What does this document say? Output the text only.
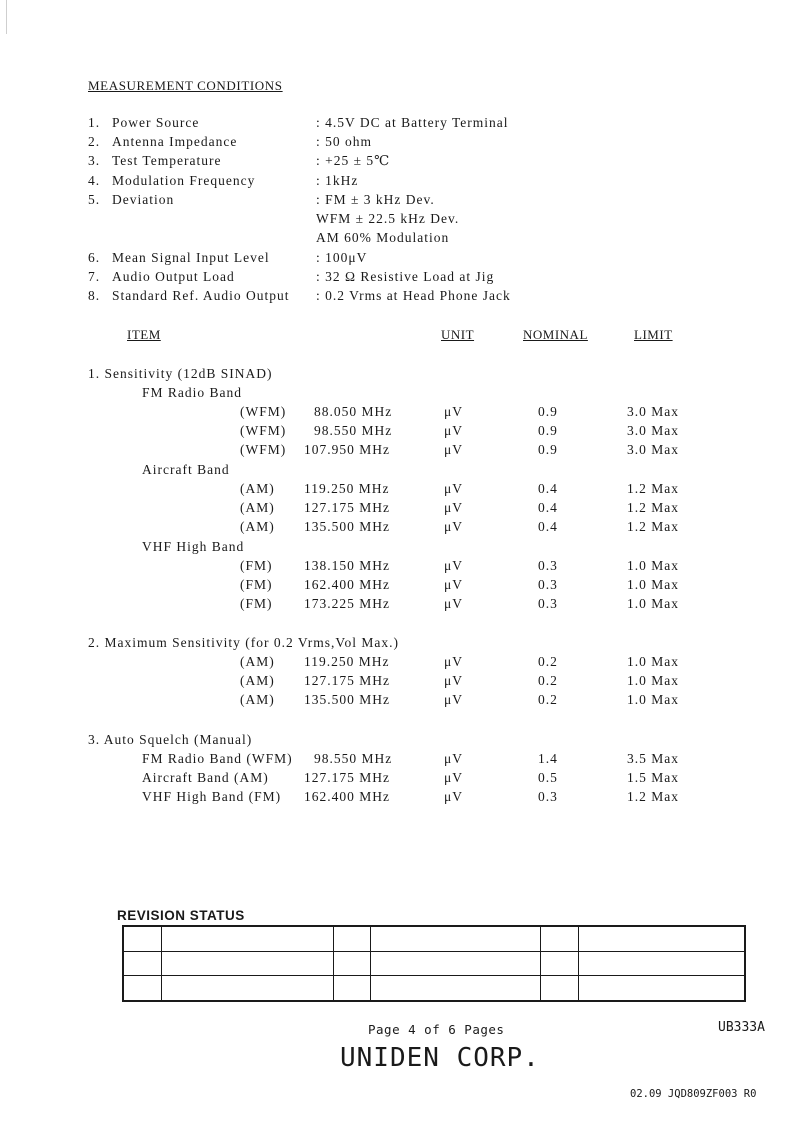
MEASUREMENT CONDITIONS
1. Power Source	: 4.5V DC at Battery Terminal
2. Antenna Impedance	: 50 ohm
3. Test Temperature	: +25 ± 5℃
4. Modulation Frequency	: 1kHz
5. Deviation	: FM ± 3 kHz Dev.
WFM ± 22.5 kHz Dev.
AM 60% Modulation
6. Mean Signal Input Level	: 100μV
7. Audio Output Load	: 32 Ω Resistive Load at Jig
8. Standard Ref. Audio Output : 0.2 Vrms at Head Phone Jack
ITEM	UNIT	NOMINAL	LIMIT
1. Sensitivity (12dB SINAD)
FM Radio Band
(WFM) 88.050 MHz	μV	0.9	3.0 Max
(WFM) 98.550 MHz	μV	0.9	3.0 Max
(WFM) 107.950 MHz	μV	0.9	3.0 Max
Aircraft Band
(AM) 119.250 MHz	μV	0.4	1.2 Max
(AM) 127.175 MHz	μV	0.4	1.2 Max
(AM) 135.500 MHz	μV	0.4	1.2 Max
VHF High Band
(FM) 138.150 MHz	μV	0.3	1.0 Max
(FM) 162.400 MHz	μV	0.3	1.0 Max
(FM) 173.225 MHz	μV	0.3	1.0 Max
2. Maximum Sensitivity (for 0.2 Vrms,Vol Max.)
(AM) 119.250 MHz	μV	0.2	1.0 Max
(AM) 127.175 MHz	μV	0.2	1.0 Max
(AM) 135.500 MHz	μV	0.2	1.0 Max
3. Auto Squelch (Manual)
FM Radio Band (WFM) 98.550 MHz	μV	1.4	3.5 Max
Aircraft Band (AM)	127.175 MHz	μV	0.5	1.5 Max
VHF High Band (FM) 162.400 MHz	μV	0.3	1.2 Max
REVISION STATUS
Page 4 of 6 Pages	UB333A
UNIDEN CORP.
02.09 JQD809ZF003 R0
